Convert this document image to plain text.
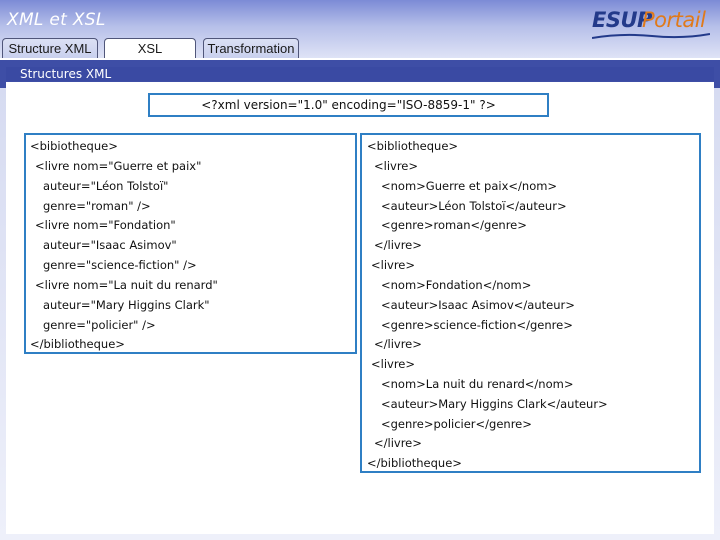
XML et XSL	ESUP
Portail
Structure XML	XSL	Transformation
Structures XML
<?xml version="1.0" encoding="ISO-8859-1" ?>
<bibiotheque>
<livre nom="Guerre et paix"
auteur="Léon Tolstoï"
genre="roman" />
<livre nom="Fondation"
auteur="Isaac Asimov"
genre="science-fiction" />
<livre nom="La nuit du renard"
auteur="Mary Higgins Clark"
genre="policier" />
</bibliotheque>
<bibliotheque>
<livre>
<nom>Guerre et paix</nom>
<auteur>Léon Tolstoï</auteur>
<genre>roman</genre>
</livre>
<livre>
<nom>Fondation</nom>
<auteur>Isaac Asimov</auteur>
<genre>science-fiction</genre>
</livre>
<livre>
<nom>La nuit du renard</nom>
<auteur>Mary Higgins Clark</auteur>
<genre>policier</genre>
</livre>
</bibliotheque>
